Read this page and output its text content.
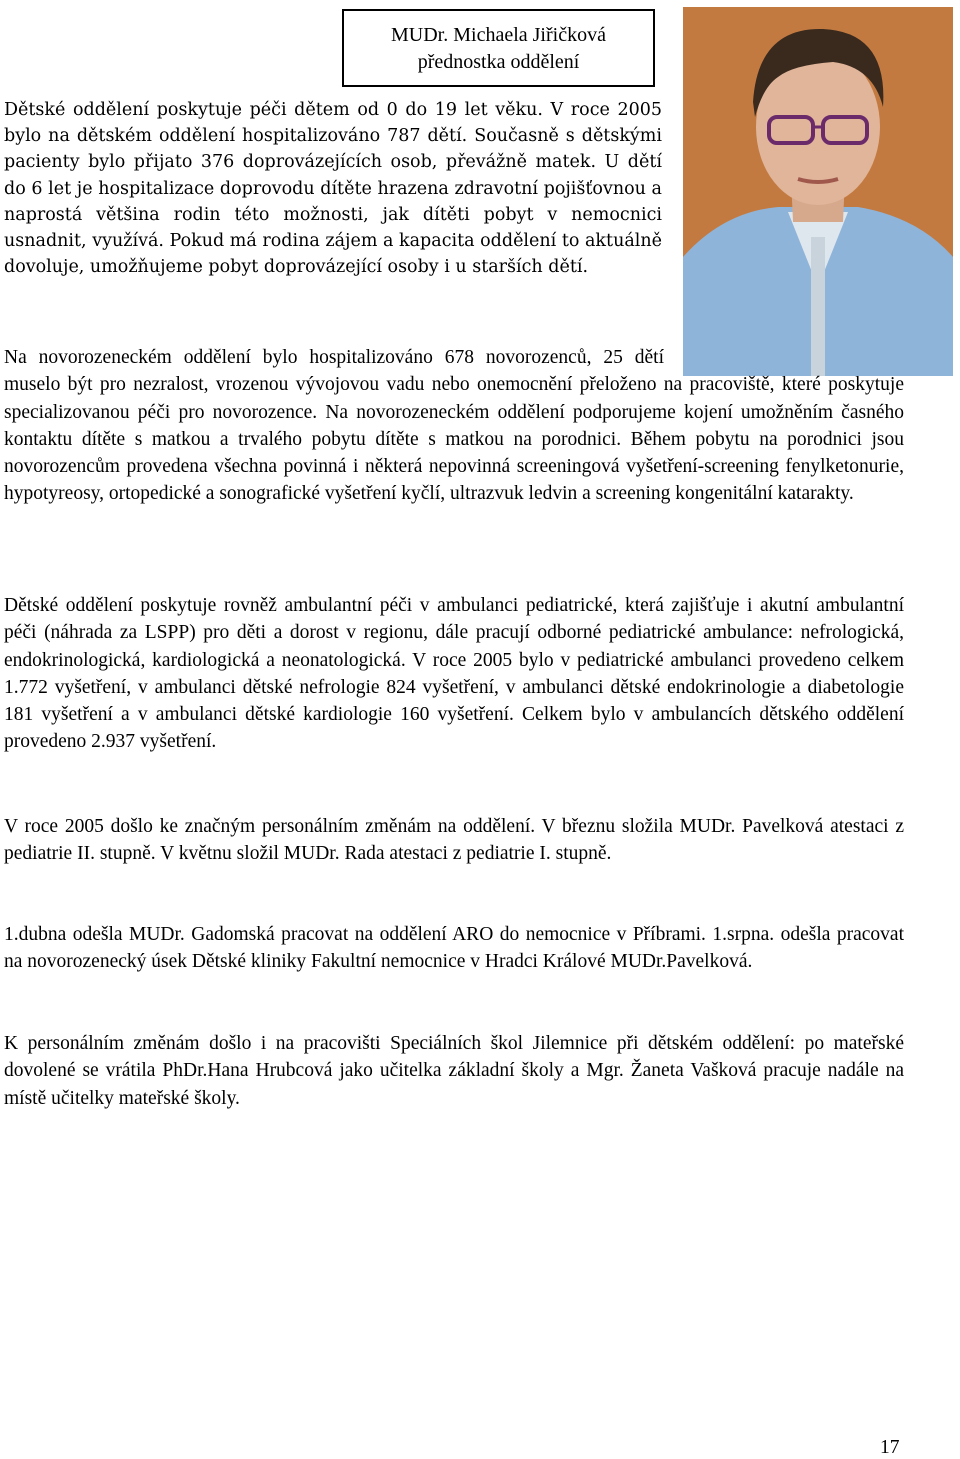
MUDr. Michaela Jiřičková
přednostka oddělení

Dětské oddělení poskytuje péči dětem od 0 do 19 let věku. V roce 2005 bylo na dětském oddělení hospitalizováno 787 dětí. Současně s dětskými pacienty bylo přijato 376 doprovázejících osob, převážně matek. U dětí do 6 let je hospitalizace doprovodu dítěte hrazena zdravotní pojišťovnou a naprostá většina rodin této možnosti, jak dítěti pobyt v nemocnici usnadnit, využívá. Pokud má rodina zájem a kapacita oddělení to aktuálně dovoluje, umožňujeme pobyt doprovázející osoby i u starších dětí.

Na novorozeneckém oddělení bylo hospitalizováno 678 novorozenců, 25 dětí muselo být pro nezralost, vrozenou vývojovou vadu nebo onemocnění přeloženo na pracoviště, které poskytuje specializovanou péči pro novorozence. Na novorozeneckém oddělení podporujeme kojení umožněním časného kontaktu dítěte s matkou a trvalého pobytu dítěte s matkou na porodnici. Během pobytu na porodnici jsou novorozencům provedena všechna povinná i některá nepovinná screeningová vyšetření-screening fenylketonurie, hypotyreosy, ortopedické a sonografické vyšetření kyčlí, ultrazvuk ledvin a screening kongenitální katarakty.

Dětské oddělení poskytuje rovněž ambulantní péči v ambulanci pediatrické, která zajišťuje i akutní ambulantní péči (náhrada za LSPP) pro děti a dorost v regionu, dále pracují odborné pediatrické ambulance: nefrologická, endokrinologická, kardiologická a neonatologická. V roce 2005 bylo v pediatrické ambulanci provedeno celkem 1.772 vyšetření, v ambulanci dětské nefrologie 824 vyšetření, v ambulanci dětské endokrinologie a diabetologie 181 vyšetření a v ambulanci dětské kardiologie 160 vyšetření. Celkem bylo v ambulancích dětského oddělení provedeno 2.937 vyšetření.

V roce 2005 došlo ke značným personálním změnám na oddělení. V březnu složila MUDr. Pavelková atestaci z pediatrie II. stupně. V květnu složil MUDr. Rada atestaci z pediatrie I. stupně.

1.dubna odešla MUDr. Gadomská pracovat na oddělení ARO do nemocnice v Příbrami. 1.srpna. odešla pracovat na novorozenecký úsek Dětské kliniky Fakultní nemocnice v Hradci Králové MUDr.Pavelková.

K personálním změnám došlo i na pracovišti Speciálních škol Jilemnice při dětském oddělení: po mateřské dovolené se vrátila PhDr.Hana Hrubcová jako učitelka základní školy a Mgr. Žaneta Vašková pracuje nadále na místě učitelky mateřské školy.

17
